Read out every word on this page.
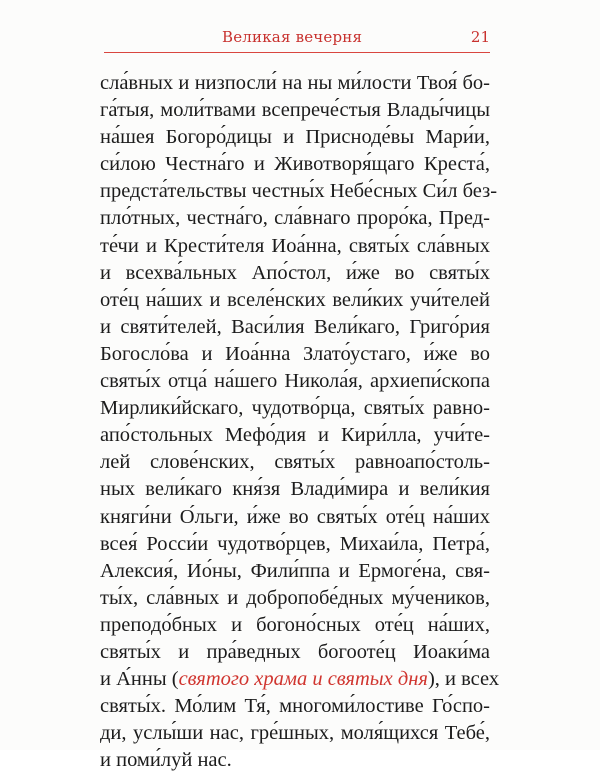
Великая вечерня	21
сла́вных и низпосли́ на ны ми́лости Твоя́ бо-
га́тыя, моли́твами всепрече́стыя Влады́чицы
на́шея Богоро́дицы и Присноде́вы Мари́и,
си́лою Честна́го и Животворя́щаго Креста́,
предста́тельствы честны́х Небе́сных Си́л без-
пло́тных, честна́го, сла́внаго проро́ка, Пред-
те́чи и Крести́теля Иоа́нна, святы́х сла́вных
и всехва́льных Апо́стол, и́же во святы́х
оте́ц на́ших и вселе́нских вели́ких учи́телей
и святи́телей, Васи́лия Вели́каго, Григо́рия
Богосло́ва и Иоа́нна Злато́устаго, и́же во
святы́х отца́ на́шего Никола́я, архиепи́скопа
Мирлики́йскаго, чудотво́рца, святы́х равно-
апо́стольных Мефо́дия и Кири́лла, учи́те-
лей слове́нских, святы́х равноапо́столь-
ных вели́каго кня́зя Влади́мира и вели́кия
княги́ни О́льги, и́же во святы́х оте́ц на́ших
всея́ Росси́и чудотво́рцев, Михаи́ла, Петра́,
Алексия́, Ио́ны, Фили́ппа и Ермоге́на, свя-
ты́х, сла́вных и добропобе́дных му́чеников,
преподо́бных и богоно́сных оте́ц на́ших,
святы́х и пра́ведных богооте́ц Иоаки́ма
и А́нны (святого храма и святых дня), и всех
святы́х. Мо́лим Тя́, многоми́лостиве Го́спо-
ди, услы́ши нас, гре́шных, моля́щихся Тебе́,
и поми́луй нас.
